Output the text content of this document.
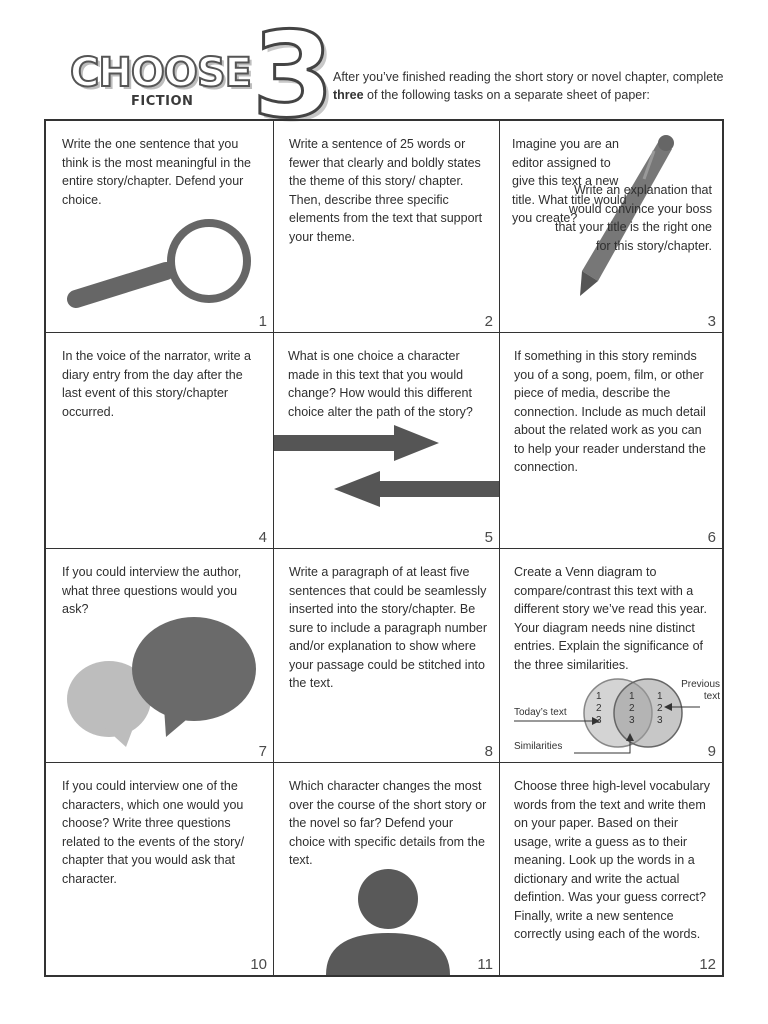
CHOOSE
FICTION 3

After you’ve finished reading the short story or novel chapter, complete three of the following tasks on a separate sheet of paper:

Write the one sentence that you think is the most meaningful in the entire story/chapter. Defend your choice.

1

Write a sentence of 25 words or fewer that clearly and boldly states the theme of this story/ chapter. Then, describe three specific elements from the text that support your theme.

2

Imagine you are an editor assigned to give this text a new title. What title would you create?

Write an explanation that would convince your boss that your title is the right one for this story/chapter.

3

In the voice of the narrator, write a diary entry from the day after the last event of this story/chapter occurred.

4

What is one choice a character made in this text that you would change? How would this different choice alter the path of the story?

5

If something in this story reminds you of a song, poem, film, or other piece of media, describe the connection. Include as much detail about the related work as you can to help your reader understand the connection.

6

If you could interview the author, what three questions would you ask?

7

Write a paragraph of at least five sentences that could be seamlessly inserted into the story/chapter. Be sure to include a paragraph number and/or explanation to show where your passage could be stitched into the text.

8

Create a Venn diagram to compare/contrast this text with a different story we’ve read this year. Your diagram needs nine distinct entries. Explain the significance of the three similarities.

1
2
3
1
2
3
1
2
3
Today’s text
Previous text
Similarities	9

If you could interview one of the characters, which one would you choose? Write three questions related to the events of the story/ chapter that you would ask that character.

10

Which character changes the most over the course of the short story or the novel so far? Defend your choice with specific details from the text.

11

Choose three high-level vocabulary words from the text and write them on your paper. Based on their usage, write a guess as to their meaning. Look up the words in a dictionary and write the actual defintion. Was your guess correct? Finally, write a new sentence correctly using each of the words.

12
